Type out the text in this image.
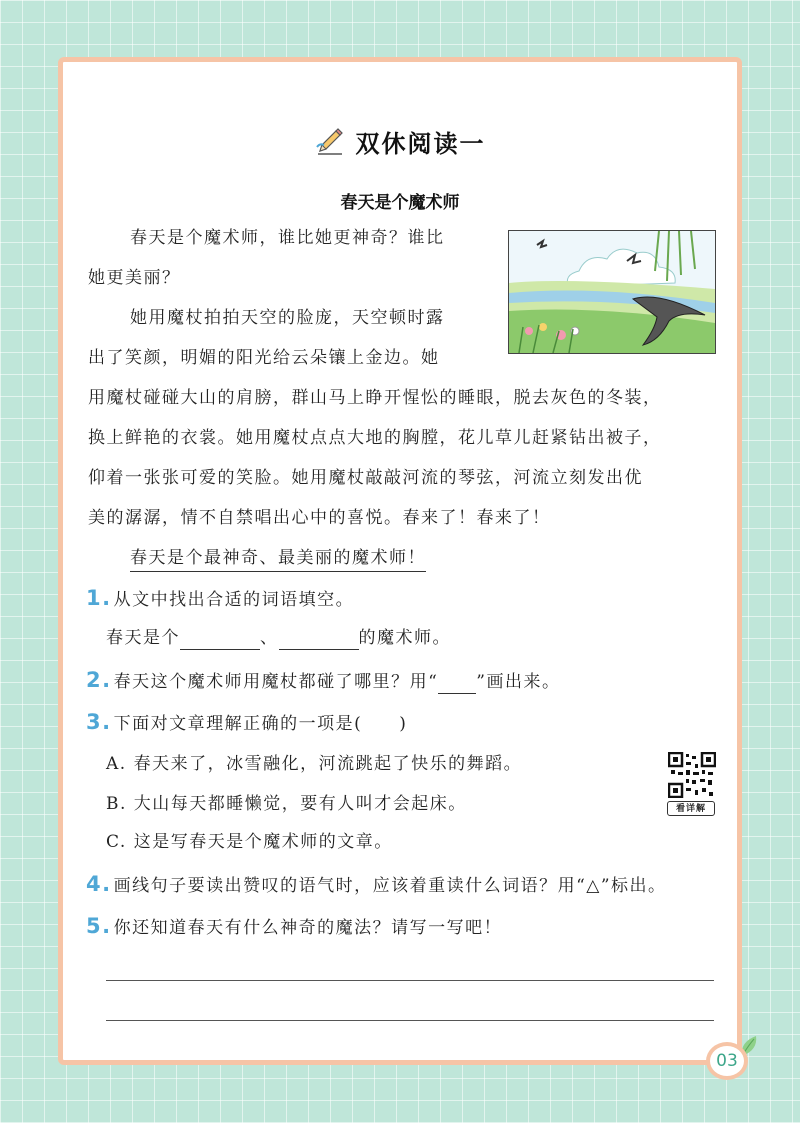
双休阅读一
春天是个魔术师
春天是个魔术师，谁比她更神奇？谁比
她更美丽？
她用魔杖拍拍天空的脸庞，天空顿时露
出了笑颜，明媚的阳光给云朵镶上金边。她
用魔杖碰碰大山的肩膀，群山马上睁开惺忪的睡眼，脱去灰色的冬装，
换上鲜艳的衣裳。她用魔杖点点大地的胸膛，花儿草儿赶紧钻出被子，
仰着一张张可爱的笑脸。她用魔杖敲敲河流的琴弦，河流立刻发出优
美的潺潺，情不自禁唱出心中的喜悦。春来了！春来了！
春天是个最神奇、最美丽的魔术师！
1. 从文中找出合适的词语填空。
春天是个	、	的魔术师。
2. 春天这个魔术师用魔杖都碰了哪里？用“ ”画出来。
3. 下面对文章理解正确的一项是(　　)
A. 春天来了，冰雪融化，河流跳起了快乐的舞蹈。
B. 大山每天都睡懒觉，要有人叫才会起床。
C. 这是写春天是个魔术师的文章。
看详解
4. 画线句子要读出赞叹的语气时，应该着重读什么词语？用“△”标出。
5. 你还知道春天有什么神奇的魔法？请写一写吧！
03
